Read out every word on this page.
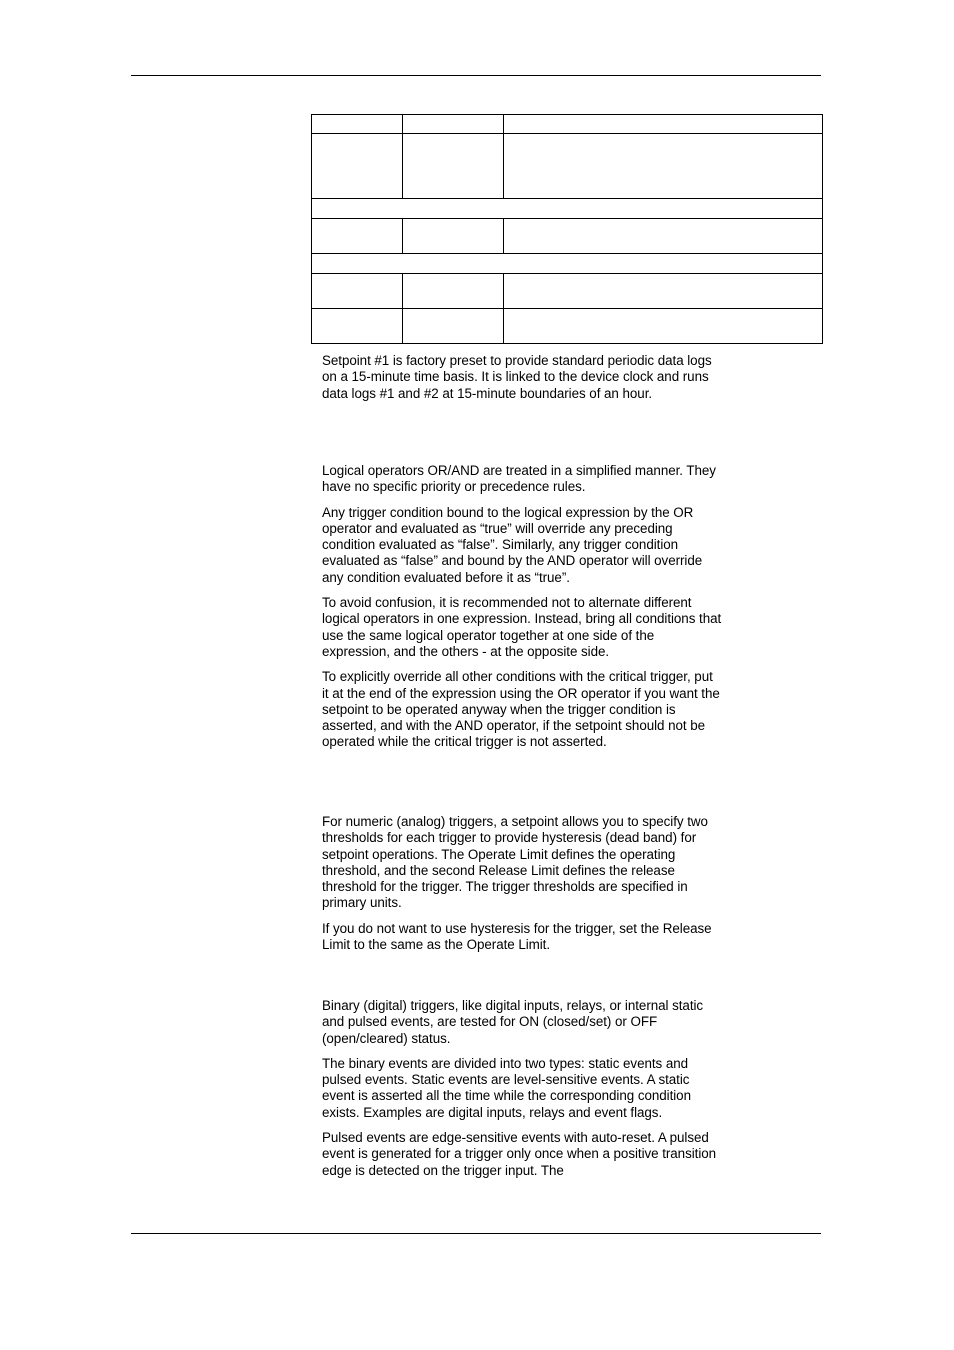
Setpoint #1 is factory preset to provide standard periodic data logs on a 15-minute time basis. It is linked to the device clock and runs data logs #1 and #2 at 15-minute boundaries of an hour.

Logical operators OR/AND are treated in a simplified manner. They have no specific priority or precedence rules.

Any trigger condition bound to the logical expression by the OR operator and evaluated as “true” will override any preceding condition evaluated as “false”. Similarly, any trigger condition evaluated as “false” and bound by the AND operator will override any condition evaluated before it as “true”.

To avoid confusion, it is recommended not to alternate different logical operators in one expression. Instead, bring all conditions that use the same logical operator together at one side of the expression, and the others - at the opposite side.

To explicitly override all other conditions with the critical trigger, put it at the end of the expression using the OR operator if you want the setpoint to be operated anyway when the trigger condition is asserted, and with the AND operator, if the setpoint should not be operated while the critical trigger is not asserted.

For numeric (analog) triggers, a setpoint allows you to specify two thresholds for each trigger to provide hysteresis (dead band) for setpoint operations. The Operate Limit defines the operating threshold, and the second Release Limit defines the release threshold for the trigger. The trigger thresholds are specified in primary units.

If you do not want to use hysteresis for the trigger, set the Release Limit to the same as the Operate Limit.

Binary (digital) triggers, like digital inputs, relays, or internal static and pulsed events, are tested for ON (closed/set) or OFF (open/cleared) status.

The binary events are divided into two types: static events and pulsed events. Static events are level-sensitive events. A static event is asserted all the time while the corresponding condition exists. Examples are digital inputs, relays and event flags.

Pulsed events are edge-sensitive events with auto-reset. A pulsed event is generated for a trigger only once when a positive transition edge is detected on the trigger input. The
